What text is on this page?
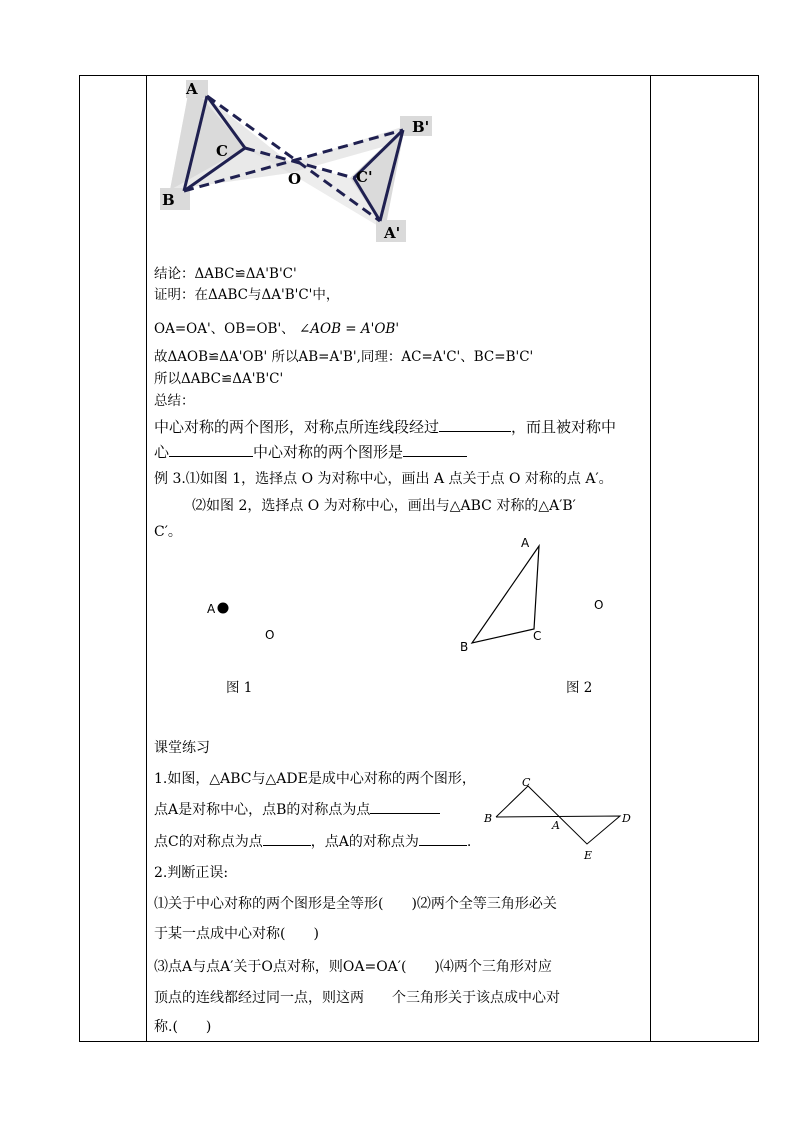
A
C
B
O	C'
B'
A'
结论：ΔABC≌ΔA'B'C'
证明：在ΔABC与ΔA'B'C'中，
OA=OA'、OB=OB'、 ∠AOB = A'OB'
故ΔAOB≌ΔA'OB' 所以AB=A'B',同理：AC=A'C'、BC=B'C'
所以ΔABC≌ΔA'B'C'
总结：
中心对称的两个图形，对称点所连线段经过	，而且被对称中
心	中心对称的两个图形是
例 3.⑴如图 1，选择点 O 为对称中心，画出 A 点关于点 O 对称的点 A′。
⑵如图 2，选择点 O 为对称中心，画出与△ABC 对称的△A′B′
C′。
A
O
图 1
A
B
C
O
图 2
课堂练习
1.如图，△ABC与△ADE是成中心对称的两个图形，
点A是对称中心，点B的对称点为点
点C的对称点为点	，点A的对称点为	.
C
B
A
D
E
2.判断正误:
⑴关于中心对称的两个图形是全等形(　　)⑵两个全等三角形必关
于某一点成中心对称(　　)
⑶点A与点A′关于O点对称，则OA=OA′(　　)⑷两个三角形对应
顶点的连线都经过同一点，则这两　　个三角形关于该点成中心对
称.(　　)
